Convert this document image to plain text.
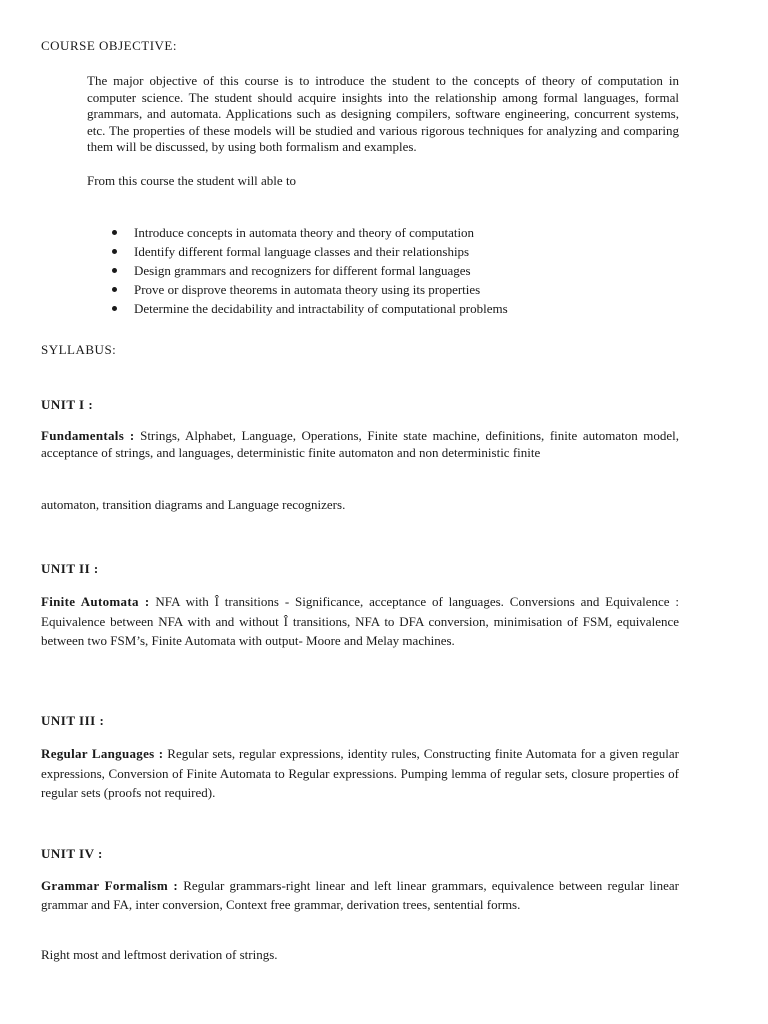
COURSE OBJECTIVE:

The major objective of this course is to introduce the student to the concepts of theory of computation in computer science. The student should acquire insights into the relationship among formal languages, formal grammars, and automata. Applications such as designing compilers, software engineering, concurrent systems, etc. The properties of these models will be studied and various rigorous techniques for analyzing and comparing them will be discussed, by using both formalism and examples.

From this course the student will able to

Introduce concepts in automata theory and theory of computation
Identify different formal language classes and their relationships
Design grammars and recognizers for different formal languages
Prove or disprove theorems in automata theory using its properties
Determine the decidability and intractability of computational problems
SYLLABUS:
UNIT I :

Fundamentals : Strings, Alphabet, Language, Operations, Finite state machine, definitions, finite automaton model, acceptance of strings, and languages, deterministic finite automaton and non deterministic finite

automaton, transition diagrams and Language recognizers.

UNIT II :

Finite Automata : NFA with Î transitions - Significance, acceptance of languages. Conversions and Equivalence : Equivalence between NFA with and without Î transitions, NFA to DFA conversion, minimisation of FSM, equivalence between two FSM’s, Finite Automata with output- Moore and Melay machines.

UNIT III :

Regular Languages : Regular sets, regular expressions, identity rules, Constructing finite Automata for a given regular expressions, Conversion of Finite Automata to Regular expressions. Pumping lemma of regular sets, closure properties of regular sets (proofs not required).

UNIT IV :

Grammar Formalism : Regular grammars-right linear and left linear grammars, equivalence between regular linear grammar and FA, inter conversion, Context free grammar, derivation trees, sentential forms.

Right most and leftmost derivation of strings.
